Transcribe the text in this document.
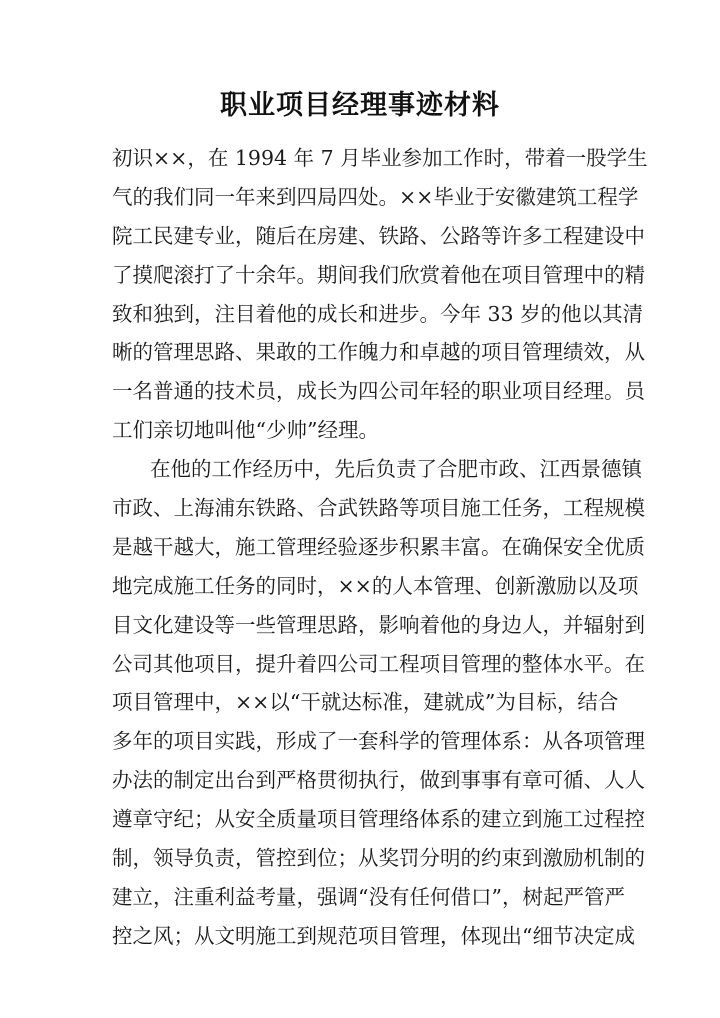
职业项目经理事迹材料
初识××，在 1994 年 7 月毕业参加工作时，带着一股学生
气的我们同一年来到四局四处。××毕业于安徽建筑工程学
院工民建专业，随后在房建、铁路、公路等许多工程建设中
了摸爬滚打了十余年。期间我们欣赏着他在项目管理中的精
致和独到，注目着他的成长和进步。今年 33 岁的他以其清
晰的管理思路、果敢的工作魄力和卓越的项目管理绩效，从
一名普通的技术员，成长为四公司年轻的职业项目经理。员
工们亲切地叫他“少帅”经理。
在他的工作经历中，先后负责了合肥市政、江西景德镇
市政、上海浦东铁路、合武铁路等项目施工任务，工程规模
是越干越大，施工管理经验逐步积累丰富。在确保安全优质
地完成施工任务的同时，××的人本管理、创新激励以及项
目文化建设等一些管理思路，影响着他的身边人，并辐射到
公司其他项目，提升着四公司工程项目管理的整体水平。在
项目管理中，××以“干就达标准，建就成”为目标，结合
多年的项目实践，形成了一套科学的管理体系：从各项管理
办法的制定出台到严格贯彻执行，做到事事有章可循、人人
遵章守纪；从安全质量项目管理络体系的建立到施工过程控
制，领导负责，管控到位；从奖罚分明的约束到激励机制的
建立，注重利益考量，强调“没有任何借口”，树起严管严
控之风；从文明施工到规范项目管理，体现出“细节决定成
